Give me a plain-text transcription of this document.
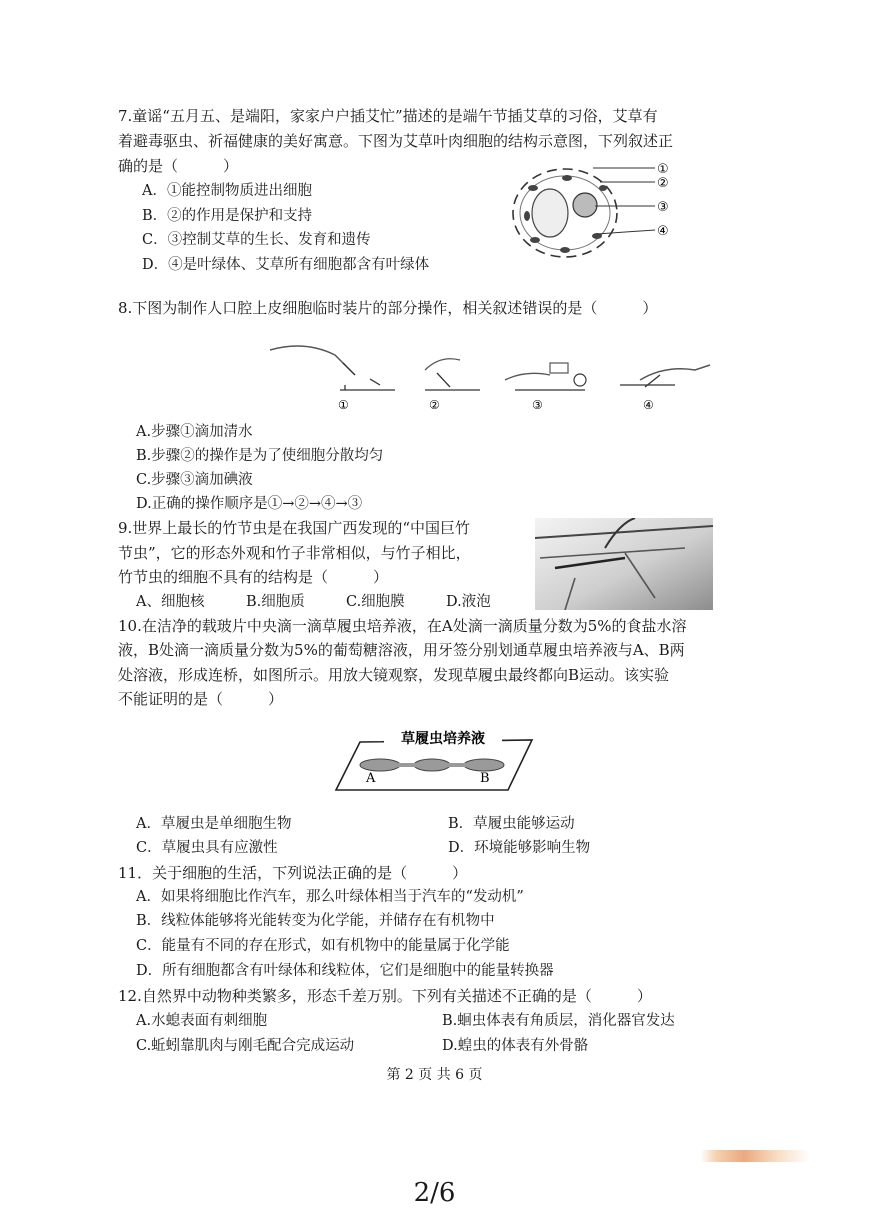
7.童谣“五月五、是端阳，家家户户插艾忙”描述的是端午节插艾草的习俗，艾草有
着避毒驱虫、祈福健康的美好寓意。下图为艾草叶肉细胞的结构示意图，下列叙述正
确的是（　　　）
A．①能控制物质进出细胞
B．②的作用是保护和支持
C．③控制艾草的生长、发育和遗传
D．④是叶绿体、艾草所有细胞都含有叶绿体
①
②
③
④
8.下图为制作人口腔上皮细胞临时装片的部分操作，相关叙述错误的是（　　　）
①	②	③	④
A.步骤①滴加清水
B.步骤②的操作是为了使细胞分散均匀
C.步骤③滴加碘液
D.正确的操作顺序是①→②→④→③
9.世界上最长的竹节虫是在我国广西发现的“中国巨竹
节虫”，它的形态外观和竹子非常相似，与竹子相比，
竹节虫的细胞不具有的结构是（　　　）
A、细胞核	B.细胞质	C.细胞膜	D.液泡
10.在洁净的载玻片中央滴一滴草履虫培养液，在A处滴一滴质量分数为5%的食盐水溶
液，B处滴一滴质量分数为5%的葡萄糖溶液，用牙签分别划通草履虫培养液与A、B两
处溶液，形成连桥，如图所示。用放大镜观察，发现草履虫最终都向B运动。该实验
不能证明的是（　　　）
草履虫培养液
A	B
A．草履虫是单细胞生物	B．草履虫能够运动
C．草履虫具有应激性	D．环境能够影响生物
11．关于细胞的生活，下列说法正确的是（　　　）
A．如果将细胞比作汽车，那么叶绿体相当于汽车的“发动机”
B．线粒体能够将光能转变为化学能，并储存在有机物中
C．能量有不同的存在形式，如有机物中的能量属于化学能
D．所有细胞都含有叶绿体和线粒体，它们是细胞中的能量转换器
12.自然界中动物种类繁多，形态千差万别。下列有关描述不正确的是（　　　）
A.水螅表面有刺细胞	B.蛔虫体表有角质层，消化器官发达
C.蚯蚓靠肌肉与刚毛配合完成运动	D.蝗虫的体表有外骨骼
第 2 页 共 6 页
2/6
